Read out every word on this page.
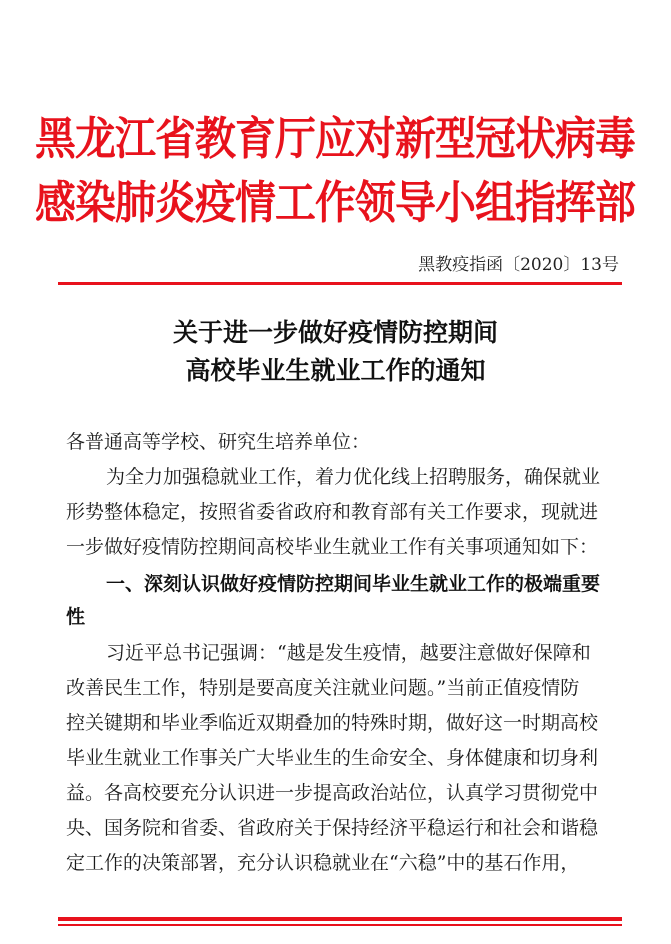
黑龙江省教育厅应对新型冠状病毒
感染肺炎疫情工作领导小组指挥部
黑教疫指函〔2020〕13号
关于进一步做好疫情防控期间
高校毕业生就业工作的通知
各普通高等学校、研究生培养单位：
为全力加强稳就业工作，着力优化线上招聘服务，确保就业
形势整体稳定，按照省委省政府和教育部有关工作要求，现就进
一步做好疫情防控期间高校毕业生就业工作有关事项通知如下：
一、深刻认识做好疫情防控期间毕业生就业工作的极端重要
性
习近平总书记强调：“越是发生疫情，越要注意做好保障和
改善民生工作，特别是要高度关注就业问题。”当前正值疫情防
控关键期和毕业季临近双期叠加的特殊时期，做好这一时期高校
毕业生就业工作事关广大毕业生的生命安全、身体健康和切身利
益。各高校要充分认识进一步提高政治站位，认真学习贯彻党中
央、国务院和省委、省政府关于保持经济平稳运行和社会和谐稳
定工作的决策部署，充分认识稳就业在“六稳”中的基石作用，
